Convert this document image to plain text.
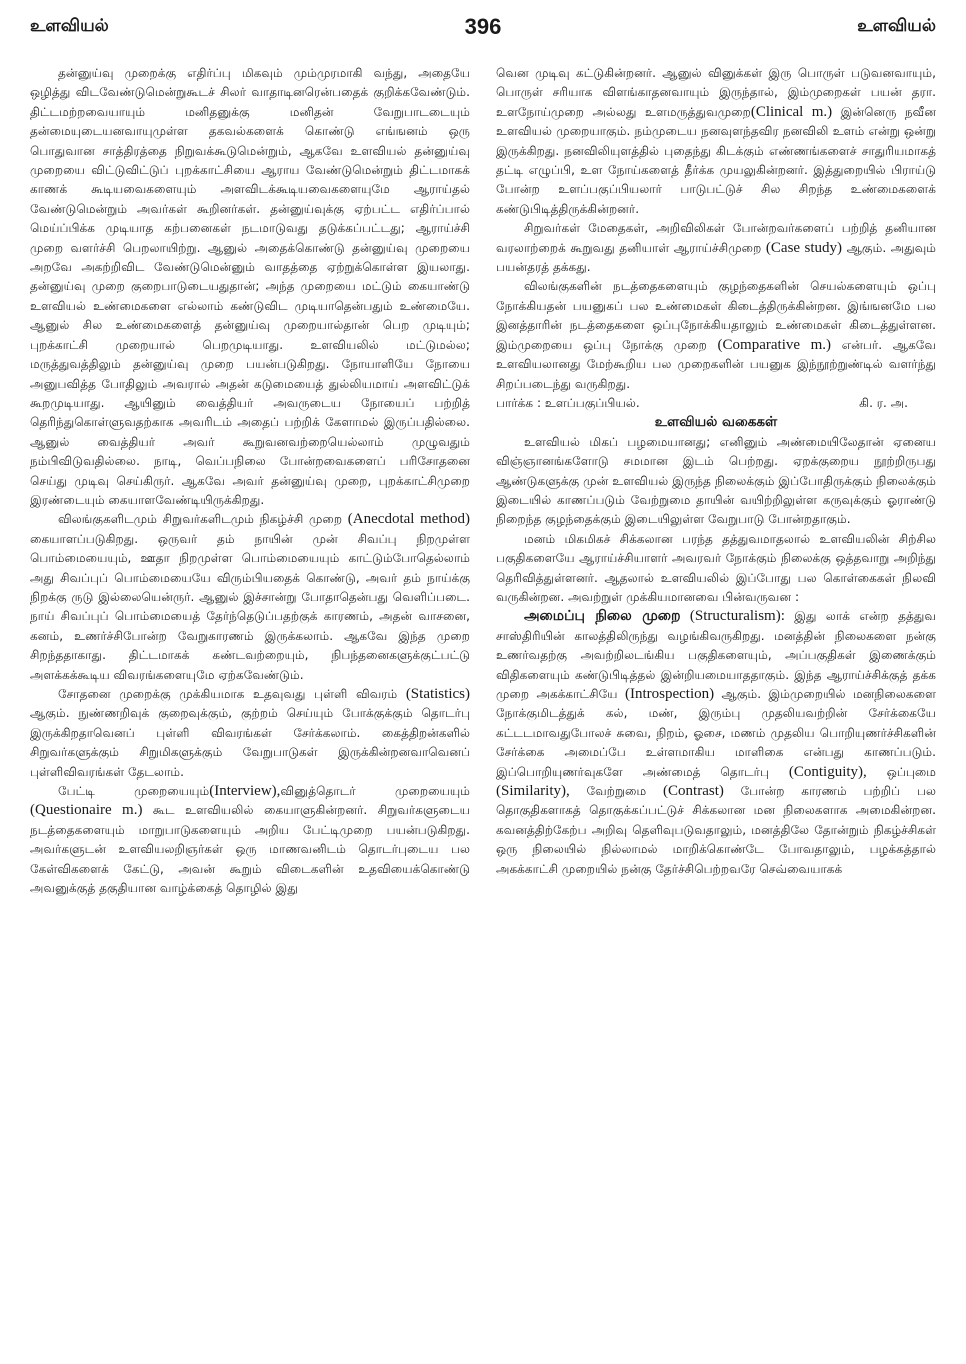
உளவியல்	396	உளவியல்

தன்னுய்வு முறைக்கு எதிர்ப்பு மிகவும் மும்முரமாகி வந்து, அதையே ஒழித்து விடவேண்டுமென்றுகூடச் சிலர் வாதாடினரென்பதைக் குறிக்கவேண்டும். திட்டமற்றவையாயும் மனிதனுக்கு மனிதன் வேறுபாடடையும் தன்மையுடையனவாயுமுள்ள தகவல்களைக் கொண்டு எங்ஙனம் ஒரு பொதுவான சாத்திரத்தை நிறுவக்கூடுமென்றும், ஆகவே உளவியல் தன்னுய்வு முறையை விட்டுவிட்டுப் புறக்காட்சியை ஆராய வேண்டுமென்றும் திட்டமாகக் காணக் கூடியவைகளையும் அளவிடக்கூடியவைகளையுமே ஆராய்தல் வேண்டுமென்றும் அவர்கள் கூறினர்கள். தன்னுய்வுக்கு ஏற்பட்ட எதிர்ப்பால் மெய்ப்பிக்க முடியாத கற்பனைகள் நடமாடுவது தடுக்கப்பட்டது; ஆராய்ச்சி முறை வளர்ச்சி பெறலாயிற்று. ஆனுல் அதைக்கொண்டு தன்னுய்வு முறையை அறவே அகற்றிவிட வேண்டுமென்னும் வாதத்தை ஏற்றுக்கொள்ள இயலாது. தன்னுய்வு முறை குறைபாடுடையதுதான்; அந்த முறையை மட்டும் கையாண்டு உளவியல் உண்மைகளை எல்லாம் கண்டுவிட முடியாதென்பதும் உண்மையே. ஆனுல் சில உண்மைகளைத் தன்னுய்வு முறையால்தான் பெற முடியும்; புறக்காட்சி முறையால் பெறமுடியாது. உளவியலில் மட்டுமல்ல; மருத்துவத்திலும் தன்னுய்வு முறை பயன்படுகிறது. நோயாளியே நோயை அனுபவித்த போதிலும் அவரால் அதன் கடுமையைத் துல்லியமாய் அளவிட்டுக் கூறமுடியாது. ஆயினும் வைத்தியர் அவருடைய நோயைப் பற்றித் தெரிந்துகொள்ளுவதற்காக அவரிடம் அதைப் பற்றிக் கேளாமல் இருப்பதில்லை. ஆனுல் வைத்தியர் அவர் கூறுவனவற்றையெல்லாம் முழுவதும் நம்பிவிடுவதில்லை. நாடி, வெப்பநிலை போன்றவைகளைப் பரிசோதனை செய்து முடிவு செய்கிருர். ஆகவே அவர் தன்னுய்வு முறை, புறக்காட்சிமுறை இரண்டையும் கையாளவேண்டியிருக்கிறது.

விலங்குகளிடமும் சிறுவர்களிடமும் நிகழ்ச்சி முறை (Anecdotal method) கையாளப்படுகிறது. ஒருவர் தம் நாயின் முன் சிவப்பு நிறமுள்ள பொம்மையையும், ஊதா நிறமுள்ள பொம்மையையும் காட்டும்போதெல்லாம் அது சிவப்புப் பொம்மையையே விரும்பியதைக் கொண்டு, அவர் தம் நாய்க்கு நிறக்கு ருடு இல்லையென்ருர். ஆனுல் இச்சான்று போதாதென்பது வெளிப்படை. நாய் சிவப்புப் பொம்மையைத் தேர்ந்தெடுப்பதற்குக் காரணம், அதன் வாசனை, கனம், உணர்ச்சிபோன்ற வேறுகாரணம் இருக்கலாம். ஆகவே இந்த முறை சிறந்ததாகாது. திட்டமாகக் கண்டவற்றையும், நிபந்தனைகளுக்குட்பட்டு அளக்கக்கூடிய விவரங்களையுமே ஏற்கவேண்டும்.

சோதனை முறைக்கு முக்கியமாக உதவுவது புள்ளி விவரம் (Statistics) ஆகும். நுண்ணறிவுக் குறைவுக்கும், குற்றம் செய்யும் போக்குக்கும் தொடர்பு இருக்கிறதாவெனப் புள்ளி விவரங்கள் சேர்க்கலாம். கைத்திறன்களில் சிறுவர்களுக்கும் சிறுமிகளுக்கும் வேறுபாடுகள் இருக்கின்றனவாவெனப் புள்ளிவிவரங்கள் தேடலாம்.

பேட்டி முறையையும்(Interview),வினுத்தொடர் முறையையும் (Questionaire m.) கூட உளவியலில் கையாளுகின்றனர். சிறுவர்களுடைய நடத்தைகளையும் மாறுபாடுகளையும் அறிய பேட்டிமுறை பயன்படுகிறது. அவர்களுடன் உளவியலறிஞர்கள் ஒரு மாணவனிடம் தொடர்புடைய பல கேள்விகளைக் கேட்டு, அவன் கூறும் விடைகளின் உதவியைக்கொண்டு அவனுக்குத் தகுதியான வாழ்க்கைத் தொழில் இது

வென முடிவு கட்டுகின்றனர். ஆனுல் வினுக்கள் இரு பொருள் படுவனவாயும், பொருள் சரியாக விளங்காதனவாயும் இருந்தால், இம்முறைகள் பயன் தரா. உளநோய்முறை அல்லது உளமருத்துவமுறை(Clinical m.) இன்னெரு நவீன உளவியல் முறையாகும். நம்முடைய நனவுளந்தவிர நனவிலி உளம் என்று ஒன்று இருக்கிறது. நனவிலியுளத்தில் புதைந்து கிடக்கும் எண்ணங்களைச் சாதுரியமாகத் தட்டி எழுப்பி, உள நோய்களைத் தீர்க்க முயலுகின்றனர். இத்துறையில் பிராய்டு போன்ற உளப்பகுப்பியலார் பாடுபட்டுச் சில சிறந்த உண்மைகளைக் கண்டுபிடித்திருக்கின்றனர்.

சிறுவர்கள் மேதைகள், அறிவிலிகள் போன்றவர்களைப் பற்றித் தனியான வரலாற்றைக் கூறுவது தனியாள் ஆராய்ச்சிமுறை (Case study) ஆகும். அதுவும் பயன்தரத் தக்கது.

விலங்குகளின் நடத்தைகளையும் குழந்தைகளின் செயல்களையும் ஒப்பு நோக்கியதன் பயனுகப் பல உண்மைகள் கிடைத்திருக்கின்றன. இங்ஙனமே பல இனத்தாரின் நடத்தைகளை ஒப்புநோக்கியதாலும் உண்மைகள் கிடைத்துள்ளன. இம்முறையை ஒப்பு நோக்கு முறை (Comparative m.) என்பர். ஆகவே உளவியலானது மேற்கூறிய பல முறைகளின் பயனுக இந்நூற்றுண்டில் வளர்ந்து சிறப்படைந்து வருகிறது.

பார்க்க : உளப்பகுப்பியல்.	கி. ர. அ.

உளவியல் வகைகள்

உளவியல் மிகப் பழமையானது; எனினும் அண்மையிலேதான் ஏனைய விஞ்ஞானங்களோடு சமமான இடம் பெற்றது. ஏறக்குறைய நூற்றிருபது ஆண்டுகளுக்கு முன் உளவியல் இருந்த நிலைக்கும் இப்போதிருக்கும் நிலைக்கும் இடையில் காணப்படும் வேற்றுமை தாயின் வயிற்றிலுள்ள கருவுக்கும் ஓராண்டு நிறைந்த குழந்தைக்கும் இடையிலுள்ள வேறுபாடு போன்றதாகும்.

மனம் மிகமிகச் சிக்கலான பரந்த தத்துவமாதலால் உளவியலின் சிற்சில பகுதிகளையே ஆராய்ச்சியாளர் அவரவர் நோக்கும் நிலைக்கு ஒத்தவாறு அறிந்து தெரிவித்துள்ளனர். ஆதலால் உளவியலில் இப்போது பல கொள்கைகள் நிலவி வருகின்றன. அவற்றுள் முக்கியமானவை பின்வருவன :

அமைப்பு நிலை முறை (Structuralism): இது லாக் என்ற தத்துவ சாஸ்திரியின் காலத்திலிருந்து வழங்கிவருகிறது. மனத்தின் நிலைகளை நன்கு உணர்வதற்கு அவற்றிலடங்கிய பகுதிகளையும், அப்பகுதிகள் இணைக்கும் விதிகளையும் கண்டுபிடித்தல் இன்றியமையாததாகும். இந்த ஆராய்ச்சிக்குத் தக்க முறை அகக்காட்சியே (Introspection) ஆகும். இம்முறையில் மனநிலைகளை நோக்குமிடத்துக் கல், மண், இரும்பு முதலியவற்றின் சேர்க்கையே கட்டடமாவதுபோலச் சுவை, நிறம், ஓசை, மணம் முதலிய பொறியுணர்ச்சிகளின் சேர்க்கை அமைப்பே உள்ளமாகிய மாளிகை என்பது காணப்படும். இப்பொறியுணர்வுகளே அண்மைத் தொடர்பு (Contiguity), ஒப்புமை (Similarity), வேற்றுமை (Contrast) போன்ற காரணம் பற்றிப் பல தொகுதிகளாகத் தொகுக்கப்பட்டுச் சிக்கலான மன நிலைகளாக அமைகின்றன. கவனத்திற்கேற்ப அறிவு தெளிவுபடுவதாலும், மனத்திலே தோன்றும் நிகழ்ச்சிகள் ஒரு நிலையில் நில்லாமல் மாறிக்கொண்டே போவதாலும், பழக்கத்தால் அகக்காட்சி முறையில் நன்கு தேர்ச்சிபெற்றவரே செவ்வையாகக்
